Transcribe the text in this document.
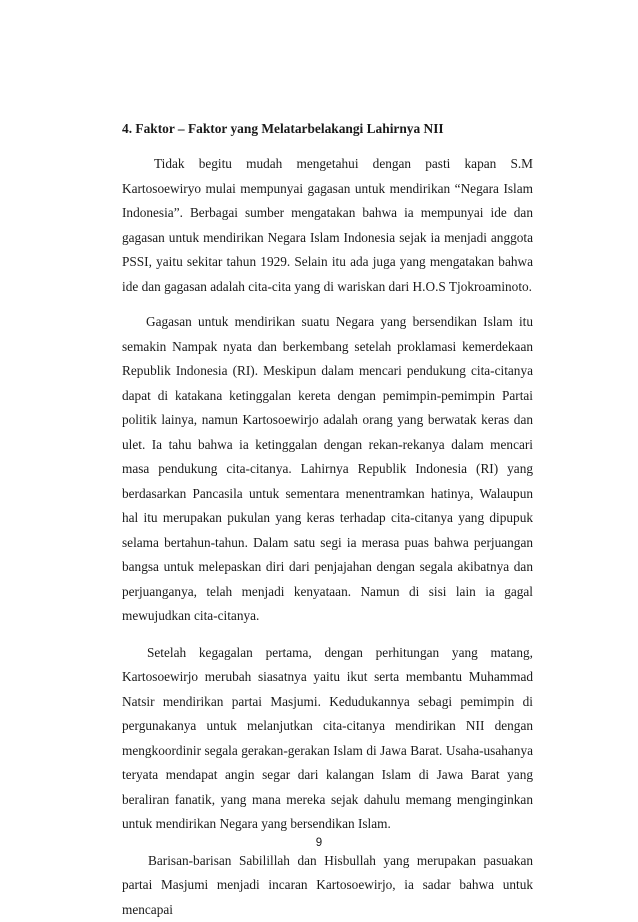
4. Faktor – Faktor yang Melatarbelakangi Lahirnya NII

Tidak begitu mudah mengetahui dengan pasti kapan S.M Kartosoewiryo mulai mempunyai gagasan untuk mendirikan “Negara Islam Indonesia”. Berbagai sumber mengatakan bahwa ia mempunyai ide dan gagasan untuk mendirikan Negara Islam Indonesia sejak ia menjadi anggota PSSI, yaitu sekitar tahun 1929. Selain itu ada juga yang mengatakan bahwa ide dan gagasan adalah cita-cita yang di wariskan dari H.O.S Tjokroaminoto.

Gagasan untuk mendirikan suatu Negara yang bersendikan Islam itu semakin Nampak nyata dan berkembang setelah proklamasi kemerdekaan Republik Indonesia (RI). Meskipun dalam mencari pendukung cita-citanya dapat di katakana ketinggalan kereta dengan pemimpin-pemimpin Partai politik lainya, namun Kartosoewirjo adalah orang yang berwatak keras dan ulet. Ia tahu bahwa ia ketinggalan dengan rekan-rekanya dalam mencari masa pendukung cita-citanya. Lahirnya Republik Indonesia (RI) yang berdasarkan Pancasila untuk sementara menentramkan hatinya, Walaupun hal itu merupakan pukulan yang keras terhadap cita-citanya yang dipupuk selama bertahun-tahun. Dalam satu segi ia merasa puas bahwa perjuangan bangsa untuk melepaskan diri dari penjajahan dengan segala akibatnya dan perjuanganya, telah menjadi kenyataan. Namun di sisi lain ia gagal mewujudkan cita-citanya.

Setelah kegagalan pertama, dengan perhitungan yang matang, Kartosoewirjo merubah siasatnya yaitu ikut serta membantu Muhammad Natsir mendirikan partai Masjumi. Kedudukannya sebagi pemimpin di pergunakanya untuk melanjutkan cita-citanya mendirikan NII dengan mengkoordinir segala gerakan-gerakan Islam di Jawa Barat. Usaha-usahanya teryata mendapat angin segar dari kalangan Islam di Jawa Barat yang beraliran fanatik, yang mana mereka sejak dahulu memang menginginkan untuk mendirikan Negara yang bersendikan Islam.

Barisan-barisan Sabilillah dan Hisbullah yang merupakan pasuakan partai Masjumi menjadi incaran Kartosoewirjo, ia sadar bahwa untuk mencapai

9
